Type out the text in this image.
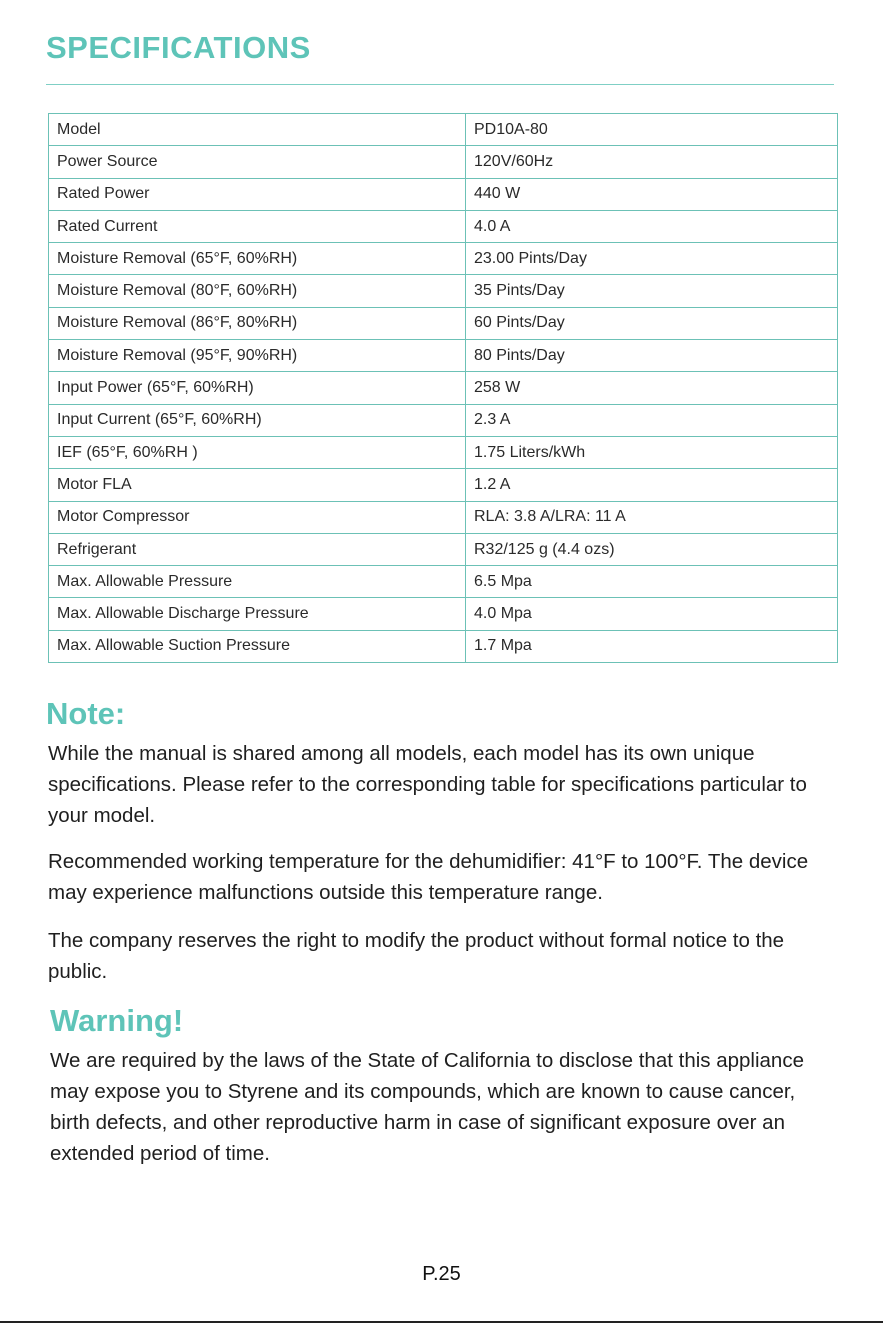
SPECIFICATIONS
Model	PD10A-80
Power Source	120V/60Hz
Rated Power	440 W
Rated Current	4.0 A
Moisture Removal (65°F, 60%RH)	23.00 Pints/Day
Moisture Removal (80°F, 60%RH)	35 Pints/Day
Moisture Removal (86°F, 80%RH)	60 Pints/Day
Moisture Removal (95°F, 90%RH)	80 Pints/Day
Input Power (65°F, 60%RH)	258 W
Input Current (65°F, 60%RH)	2.3 A
IEF (65°F, 60%RH )	1.75 Liters/kWh
Motor FLA	1.2 A
Motor Compressor	RLA: 3.8 A/LRA: 11 A
Refrigerant	R32/125 g (4.4 ozs)
Max. Allowable Pressure	6.5 Mpa
Max. Allowable Discharge Pressure	4.0 Mpa
Max. Allowable Suction Pressure	1.7 Mpa
Note:
While the manual is shared among all models, each model has its own unique specifications. Please refer to the corresponding table for specifications particular to your model.
Recommended working temperature for the dehumidifier: 41°F to 100°F. The device may experience malfunctions outside this temperature range.
The company reserves the right to modify the product without formal notice to the public.
Warning!
We are required by the laws of the State of California to disclose that this appliance may expose you to Styrene and its compounds, which are known to cause cancer, birth defects, and other reproductive harm in case of significant exposure over an extended period of time.
P.25
